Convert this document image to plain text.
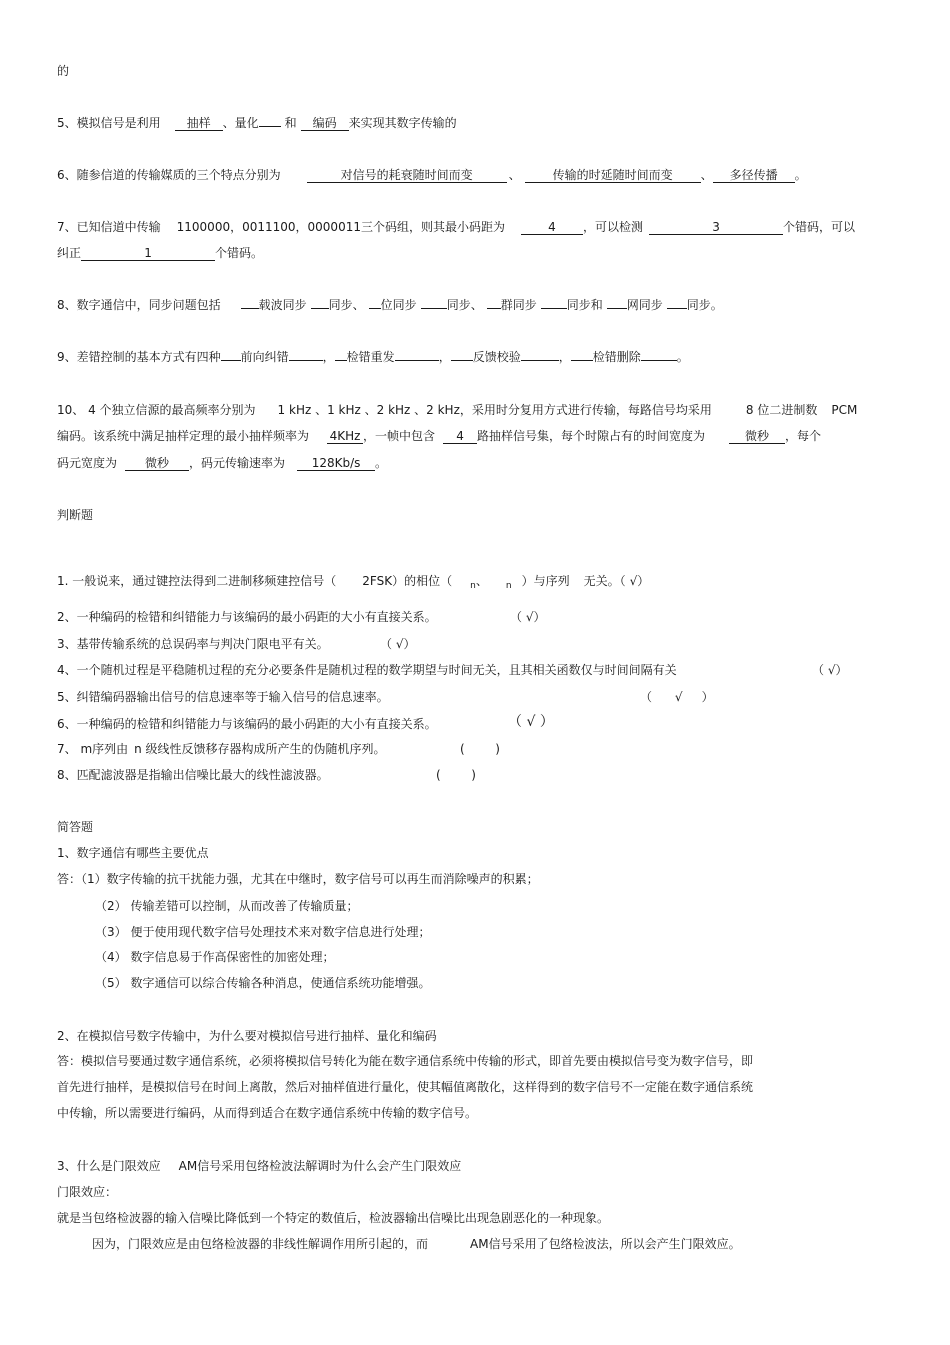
的
5、模拟信号是利用 抽样 、量化 和 编码 来实现其数字传输的
6、随参信道的传输媒质的三个特点分别为	对信号的耗衰随时间而变	、	传输的时延随时间而变 、 多径传播 。
7、已知信道中传输 1100000，0011100，0000011三个码组，则其最小码距为	4 ，可以检测	3	个错码，可以
纠正	1	个错码。
8、数字通信中，同步问题包括	载波同步 同步、 位同步	同步、 群同步	同步和 网同步 同步。
9、差错控制的基本方式有四种 前向纠错	， 检错重发	， 反馈校验	， 检错删除	。
10、 4 个独立信源的最高频率分别为 1 kHz 、1 kHz 、2 kHz 、2 kHz，采用时分复用方式进行传输，每路信号均采用	8 位二进制数 PCM
编码。该系统中满足抽样定理的最小抽样频率为 4KHz ，一帧中包含 4 路抽样信号集，每个时隙占有的时间宽度为	微秒 ，每个
码元宽度为 微秒 ，码元传输速率为 128Kb/s 。
判断题
1. 一般说来，通过键控法得到二进制移频建控信号（ 2FSK）的相位（ $_n$、 $_n$ ）与序列 无关。（ √）
2、一种编码的检错和纠错能力与该编码的最小码距的大小有直接关系。	（ √）
3、基带传输系统的总误码率与判决门限电平有关。	（ √）
4、一个随机过程是平稳随机过程的充分必要条件是随机过程的数学期望与时间无关，且其相关函数仅与时间间隔有关	（ √）
5、纠错编码器输出信号的信息速率等于输入信号的信息速率。	（      √     ）
6、一种编码的检错和纠错能力与该编码的最小码距的大小有直接关系。	（ √ ）
7、 m序列由 n 级线性反馈移存器构成所产生的伪随机序列。	(        )
8、匹配滤波器是指输出信噪比最大的线性滤波器。	(        )
简答题
1、数字通信有哪些主要优点
答：（1）数字传输的抗干扰能力强，尤其在中继时，数字信号可以再生而消除噪声的积累；
（2） 传输差错可以控制，从而改善了传输质量；
（3） 便于使用现代数字信号处理技术来对数字信息进行处理；
（4） 数字信息易于作高保密性的加密处理；
（5） 数字通信可以综合传输各种消息，使通信系统功能增强。
2、在模拟信号数字传输中，为什么要对模拟信号进行抽样、量化和编码
答：模拟信号要通过数字通信系统，必须将模拟信号转化为能在数字通信系统中传输的形式，即首先要由模拟信号变为数字信号，即
首先进行抽样，是模拟信号在时间上离散，然后对抽样值进行量化，使其幅值离散化，这样得到的数字信号不一定能在数字通信系统
中传输，所以需要进行编码，从而得到适合在数字通信系统中传输的数字信号。
3、什么是门限效应 AM信号采用包络检波法解调时为什么会产生门限效应
门限效应：
就是当包络检波器的输入信噪比降低到一个特定的数值后，检波器输出信噪比出现急剧恶化的一种现象。
因为，门限效应是由包络检波器的非线性解调作用所引起的，而	AM信号采用了包络检波法，所以会产生门限效应。
